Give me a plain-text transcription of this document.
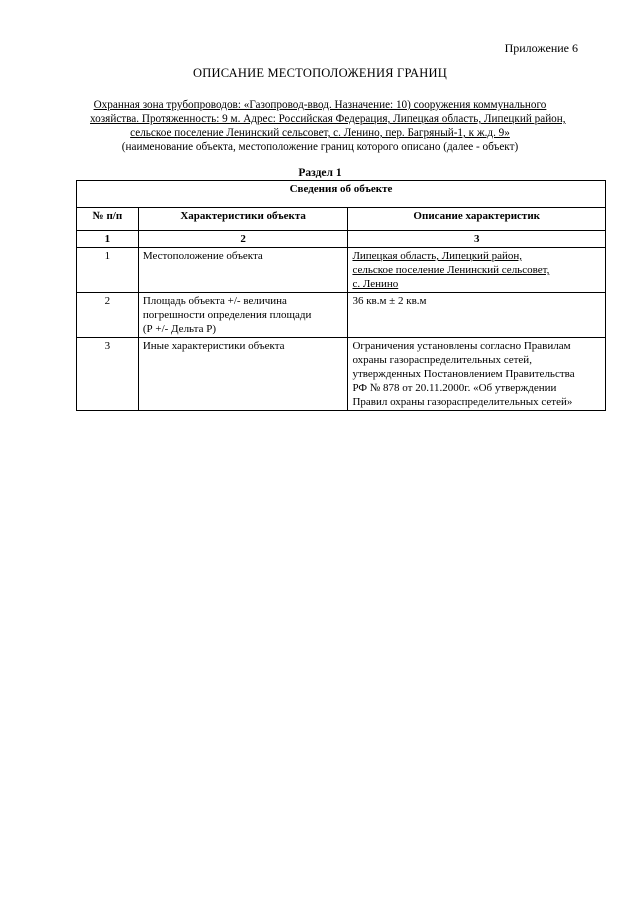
Приложение 6
ОПИСАНИЕ МЕСТОПОЛОЖЕНИЯ ГРАНИЦ
Охранная зона трубопроводов: «Газопровод-ввод. Назначение: 10) сооружения коммунального
хозяйства. Протяженность: 9 м. Адрес: Российская Федерация, Липецкая область, Липецкий район,
сельское поселение Ленинский сельсовет, с. Ленино, пер. Багряный-1, к ж.д. 9»
(наименование объекта, местоположение границ которого описано (далее - объект)
Раздел 1
Сведения об объекте		
№ п/п	Характеристики объекта	Описание характеристик
1	2	3
1	Местоположение объекта	Липецкая область, Липецкий район,
сельское поселение Ленинский сельсовет,
с. Ленино

2	Площадь объекта +/- величина
погрешности определения площади
(Р +/- Дельта Р)	36 кв.м ± 2 кв.м

3	Иные характеристики объекта	Ограничения установлены согласно Правилам
охраны газораспределительных сетей,
утвержденных Постановлением Правительства
РФ № 878 от 20.11.2000г. «Об утверждении
Правил охраны газораспределительных сетей»
